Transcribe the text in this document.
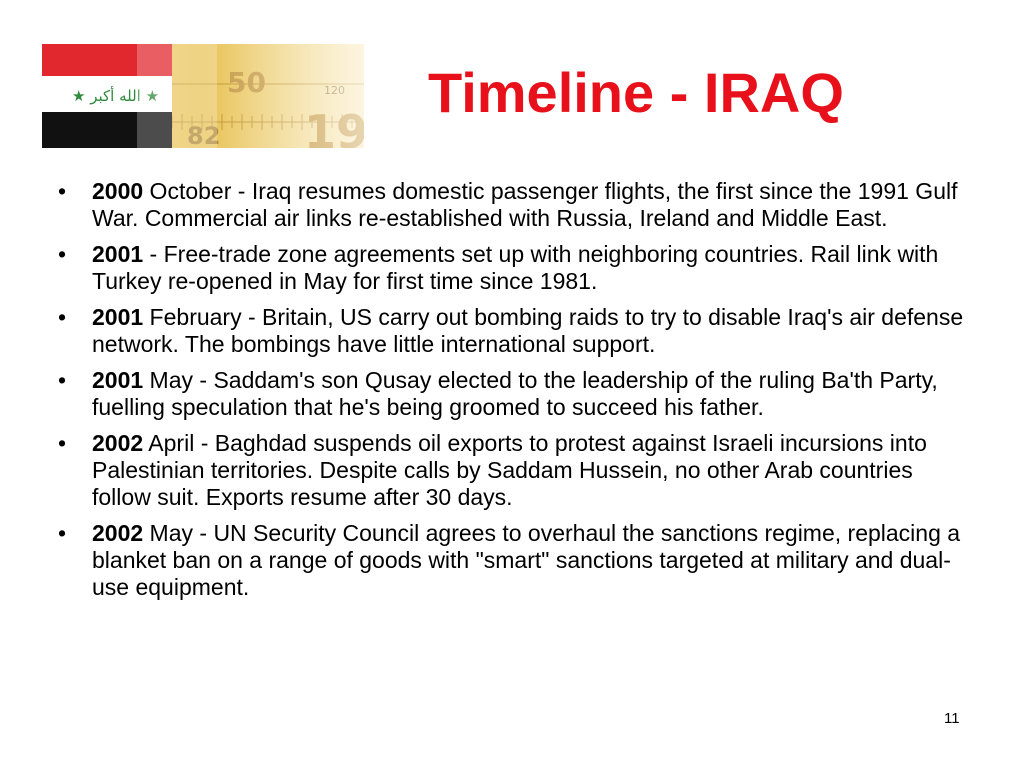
Timeline - IRAQ
•	2000 October - Iraq resumes domestic passenger flights, the first since the 1991 Gulf War. Commercial air links re-established with Russia, Ireland and Middle East.
•	2001 - Free-trade zone agreements set up with neighboring countries. Rail link with Turkey re-opened in May for first time since 1981.
•	2001 February - Britain, US carry out bombing raids to try to disable Iraq's air defense network. The bombings have little international support.
•	2001 May - Saddam's son Qusay elected to the leadership of the ruling Ba'th Party, fuelling speculation that he's being groomed to succeed his father.
•	2002 April - Baghdad suspends oil exports to protest against Israeli incursions into Palestinian territories. Despite calls by Saddam Hussein, no other Arab countries follow suit. Exports resume after 30 days.
•	2002 May - UN Security Council agrees to overhaul the sanctions regime, replacing a blanket ban on a range of goods with "smart" sanctions targeted at military and dual-use equipment.
11
